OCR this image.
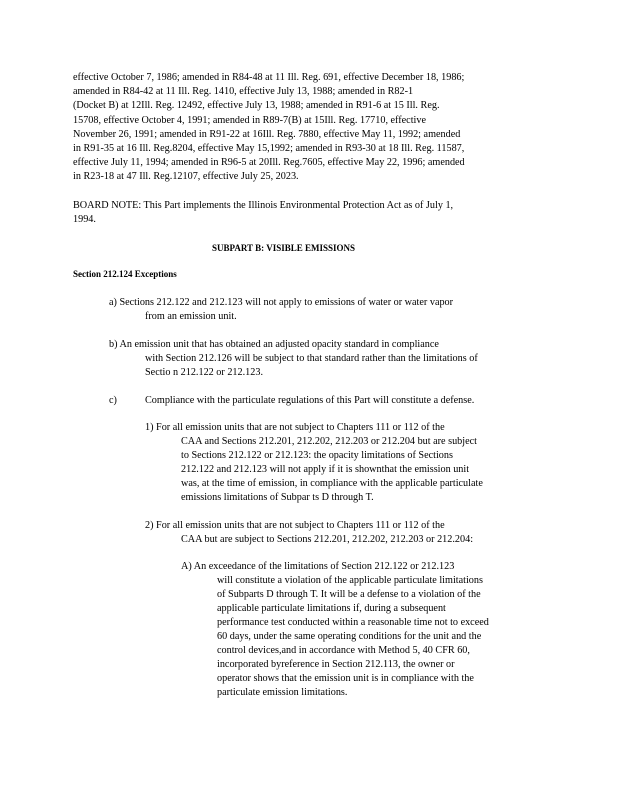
effective October 7, 1986; amended in R84-48 at 11 Ill. Reg. 691, effective December 18, 1986;
amended in R84-42 at 11 Ill. Reg. 1410, effective July 13, 1988; amended in R82-1
(Docket B) at 12Ill. Reg. 12492, effective July 13, 1988; amended in R91-6 at 15 Ill. Reg.
15708, effective October 4, 1991; amended in R89-7(B) at 15Ill. Reg. 17710, effective
November 26, 1991; amended in R91-22 at 16Ill. Reg. 7880, effective May 11, 1992; amended
in R91-35 at 16 Ill. Reg.8204, effective May 15,1992; amended in R93-30 at 18 Ill. Reg. 11587,
effective July 11, 1994; amended in R96-5 at 20Ill. Reg.7605, effective May 22, 1996; amended
in R23-18 at 47 Ill. Reg.12107, effective July 25, 2023.
BOARD NOTE: This Part implements the Illinois Environmental Protection Act as of July 1,
1994.
SUBPART B: VISIBLE EMISSIONS
Section 212.124 Exceptions
a) Sections 212.122 and 212.123 will not apply to emissions of water or water vapor
from an emission unit.
b) An emission unit that has obtained an adjusted opacity standard in compliance
with Section 212.126 will be subject to that standard rather than the limitations of
Sectio n 212.122 or 212.123.
c)	Compliance with the particulate regulations of this Part will constitute a defense.
1) For all emission units that are not subject to Chapters 111 or 112 of the
CAA and Sections 212.201, 212.202, 212.203 or 212.204 but are subject
to Sections 212.122 or 212.123: the opacity limitations of Sections
212.122 and 212.123 will not apply if it is shownthat the emission unit
was, at the time of emission, in compliance with the applicable particulate
emissions limitations of Subpar ts D through T.
2) For all emission units that are not subject to Chapters 111 or 112 of the
CAA but are subject to Sections 212.201, 212.202, 212.203 or 212.204:
A) An exceedance of the limitations of Section 212.122 or 212.123
will constitute a violation of the applicable particulate limitations
of Subparts D through T. It will be a defense to a violation of the
applicable particulate limitations if, during a subsequent
performance test conducted within a reasonable time not to exceed
60 days, under the same operating conditions for the unit and the
control devices,and in accordance with Method 5, 40 CFR 60,
incorporated byreference in Section 212.113, the owner or
operator shows that the emission unit is in compliance with the
particulate emission limitations.
